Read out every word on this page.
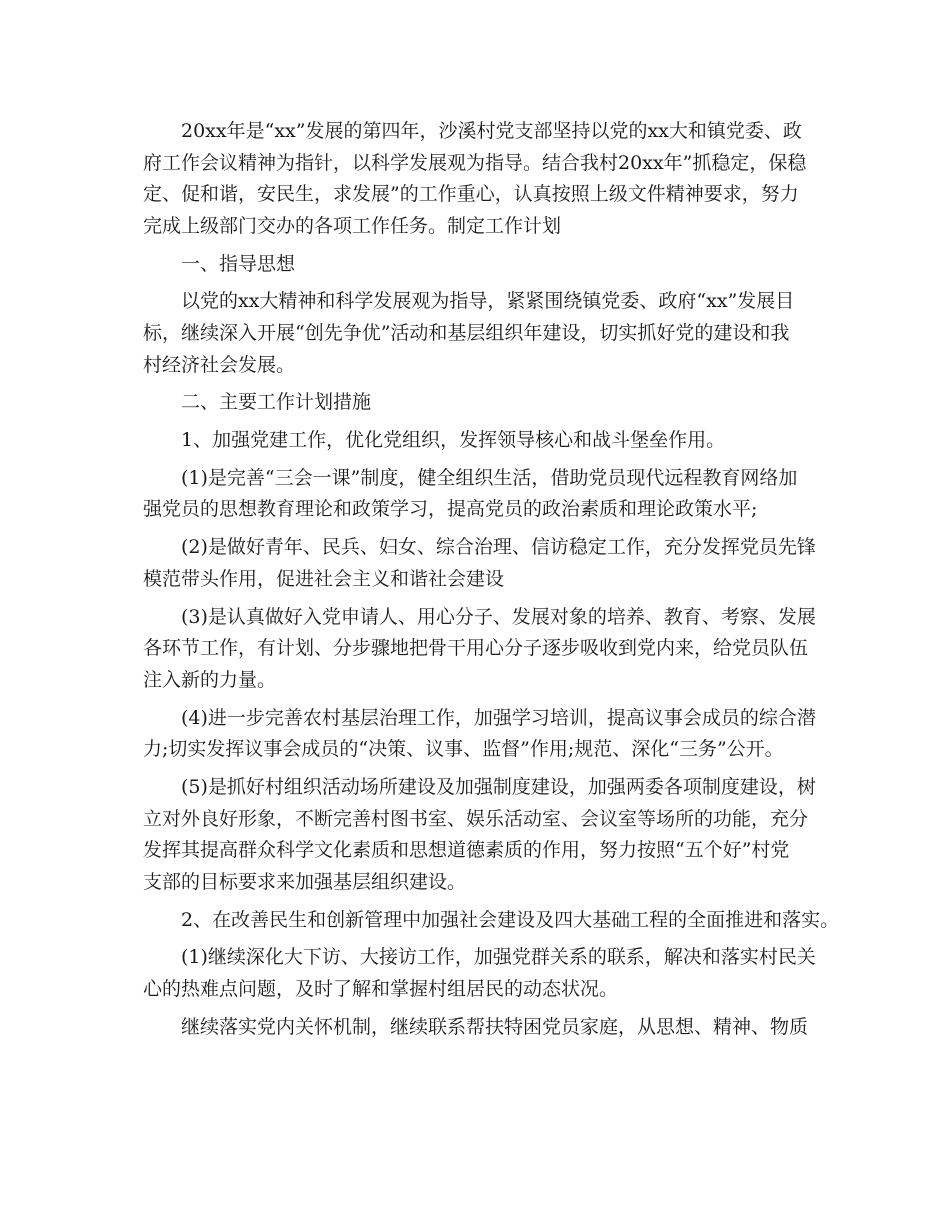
20xx年是“xx”发展的第四年，沙溪村党支部坚持以党的xx大和镇党委、政
府工作会议精神为指针，以科学发展观为指导。结合我村20xx年”抓稳定，保稳
定、促和谐，安民生，求发展”的工作重心，认真按照上级文件精神要求，努力
完成上级部门交办的各项工作任务。制定工作计划

一、指导思想

以党的xx大精神和科学发展观为指导，紧紧围绕镇党委、政府“xx”发展目
标，继续深入开展“创先争优”活动和基层组织年建设，切实抓好党的建设和我
村经济社会发展。

二、主要工作计划措施

1、加强党建工作，优化党组织，发挥领导核心和战斗堡垒作用。

(1)是完善“三会一课”制度，健全组织生活，借助党员现代远程教育网络加
强党员的思想教育理论和政策学习，提高党员的政治素质和理论政策水平;

(2)是做好青年、民兵、妇女、综合治理、信访稳定工作，充分发挥党员先锋
模范带头作用，促进社会主义和谐社会建设

(3)是认真做好入党申请人、用心分子、发展对象的培养、教育、考察、发展
各环节工作，有计划、分步骤地把骨干用心分子逐步吸收到党内来，给党员队伍
注入新的力量。

(4)进一步完善农村基层治理工作，加强学习培训，提高议事会成员的综合潜
力;切实发挥议事会成员的“决策、议事、监督”作用;规范、深化“三务”公开。

(5)是抓好村组织活动场所建设及加强制度建设，加强两委各项制度建设，树
立对外良好形象，不断完善村图书室、娱乐活动室、会议室等场所的功能，充分
发挥其提高群众科学文化素质和思想道德素质的作用，努力按照“五个好”村党
支部的目标要求来加强基层组织建设。

2、在改善民生和创新管理中加强社会建设及四大基础工程的全面推进和落实。

(1)继续深化大下访、大接访工作，加强党群关系的联系，解决和落实村民关
心的热难点问题，及时了解和掌握村组居民的动态状况。

继续落实党内关怀机制，继续联系帮扶特困党员家庭，从思想、精神、物质
